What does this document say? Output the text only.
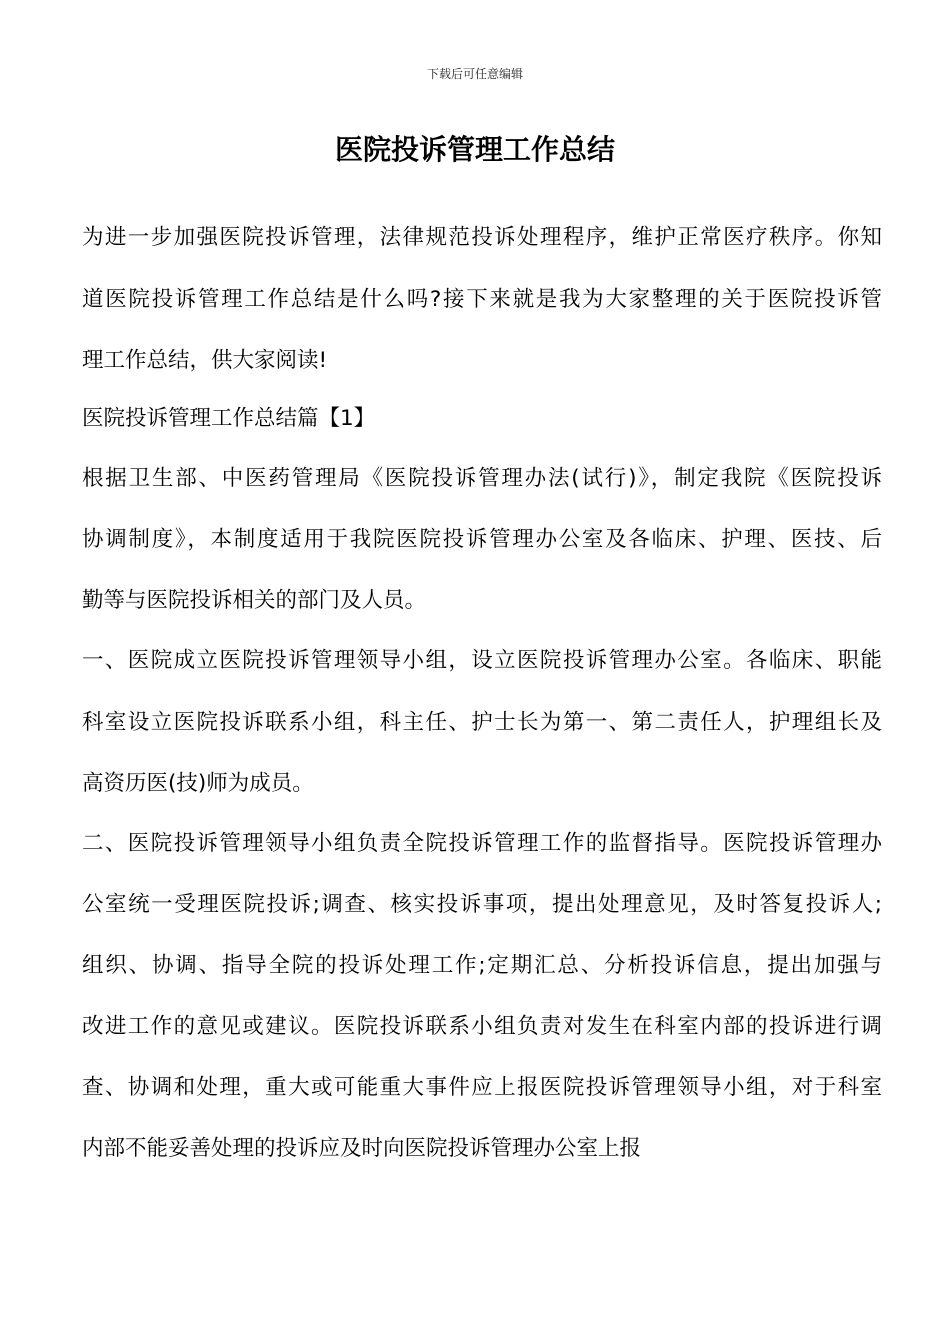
下载后可任意编辑
医院投诉管理工作总结
为进一步加强医院投诉管理，法律规范投诉处理程序，维护正常医疗秩序。你知
道医院投诉管理工作总结是什么吗?接下来就是我为大家整理的关于医院投诉管
理工作总结，供大家阅读!
医院投诉管理工作总结篇【1】
根据卫生部、中医药管理局《医院投诉管理办法(试行)》，制定我院《医院投诉
协调制度》，本制度适用于我院医院投诉管理办公室及各临床、护理、医技、后
勤等与医院投诉相关的部门及人员。
一、医院成立医院投诉管理领导小组，设立医院投诉管理办公室。各临床、职能
科室设立医院投诉联系小组，科主任、护士长为第一、第二责任人，护理组长及
高资历医(技)师为成员。
二、医院投诉管理领导小组负责全院投诉管理工作的监督指导。医院投诉管理办
公室统一受理医院投诉;调查、核实投诉事项，提出处理意见，及时答复投诉人;
组织、协调、指导全院的投诉处理工作;定期汇总、分析投诉信息，提出加强与
改进工作的意见或建议。医院投诉联系小组负责对发生在科室内部的投诉进行调
查、协调和处理，重大或可能重大事件应上报医院投诉管理领导小组，对于科室
内部不能妥善处理的投诉应及时向医院投诉管理办公室上报
